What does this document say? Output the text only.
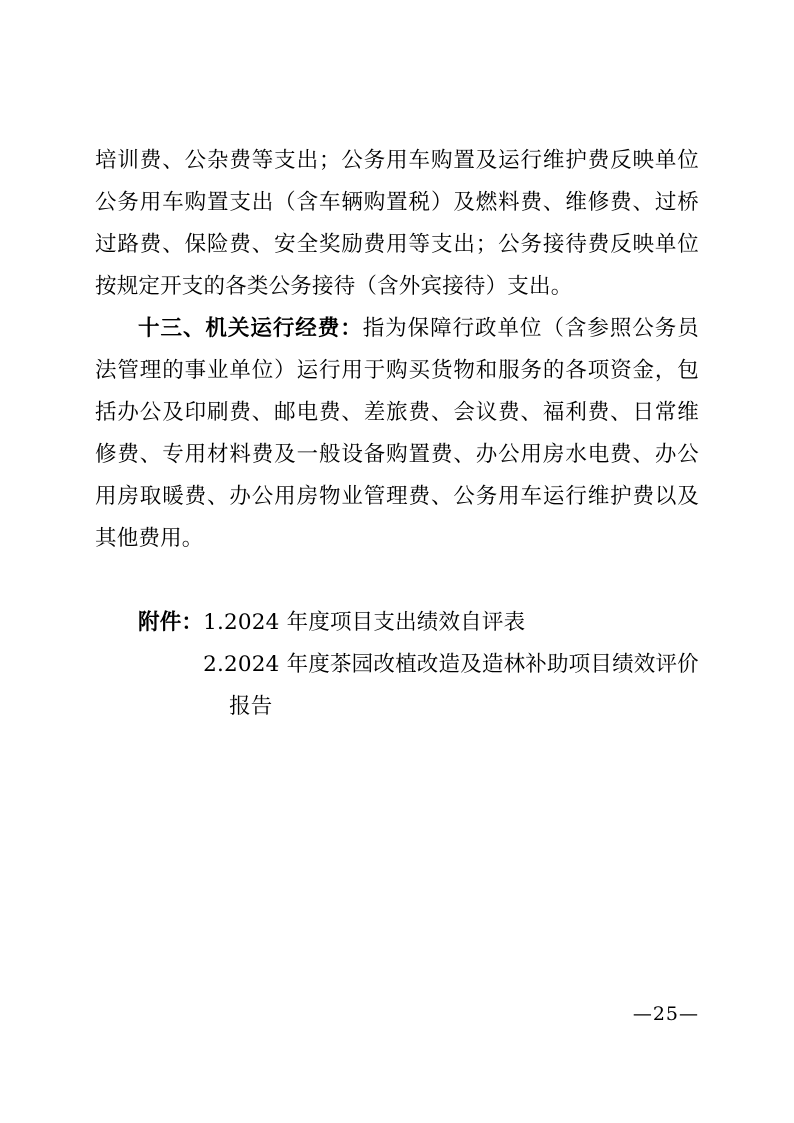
培训费、公杂费等支出；公务用车购置及运行维护费反映单位公务用车购置支出（含车辆购置税）及燃料费、维修费、过桥过路费、保险费、安全奖励费用等支出；公务接待费反映单位按规定开支的各类公务接待（含外宾接待）支出。

十三、机关运行经费：指为保障行政单位（含参照公务员法管理的事业单位）运行用于购买货物和服务的各项资金，包括办公及印刷费、邮电费、差旅费、会议费、福利费、日常维修费、专用材料费及一般设备购置费、办公用房水电费、办公用房取暖费、办公用房物业管理费、公务用车运行维护费以及其他费用。

附件： 1.2024 年度项目支出绩效自评表
2.2024 年度茶园改植改造及造林补助项目绩效评价
报告
—25—
